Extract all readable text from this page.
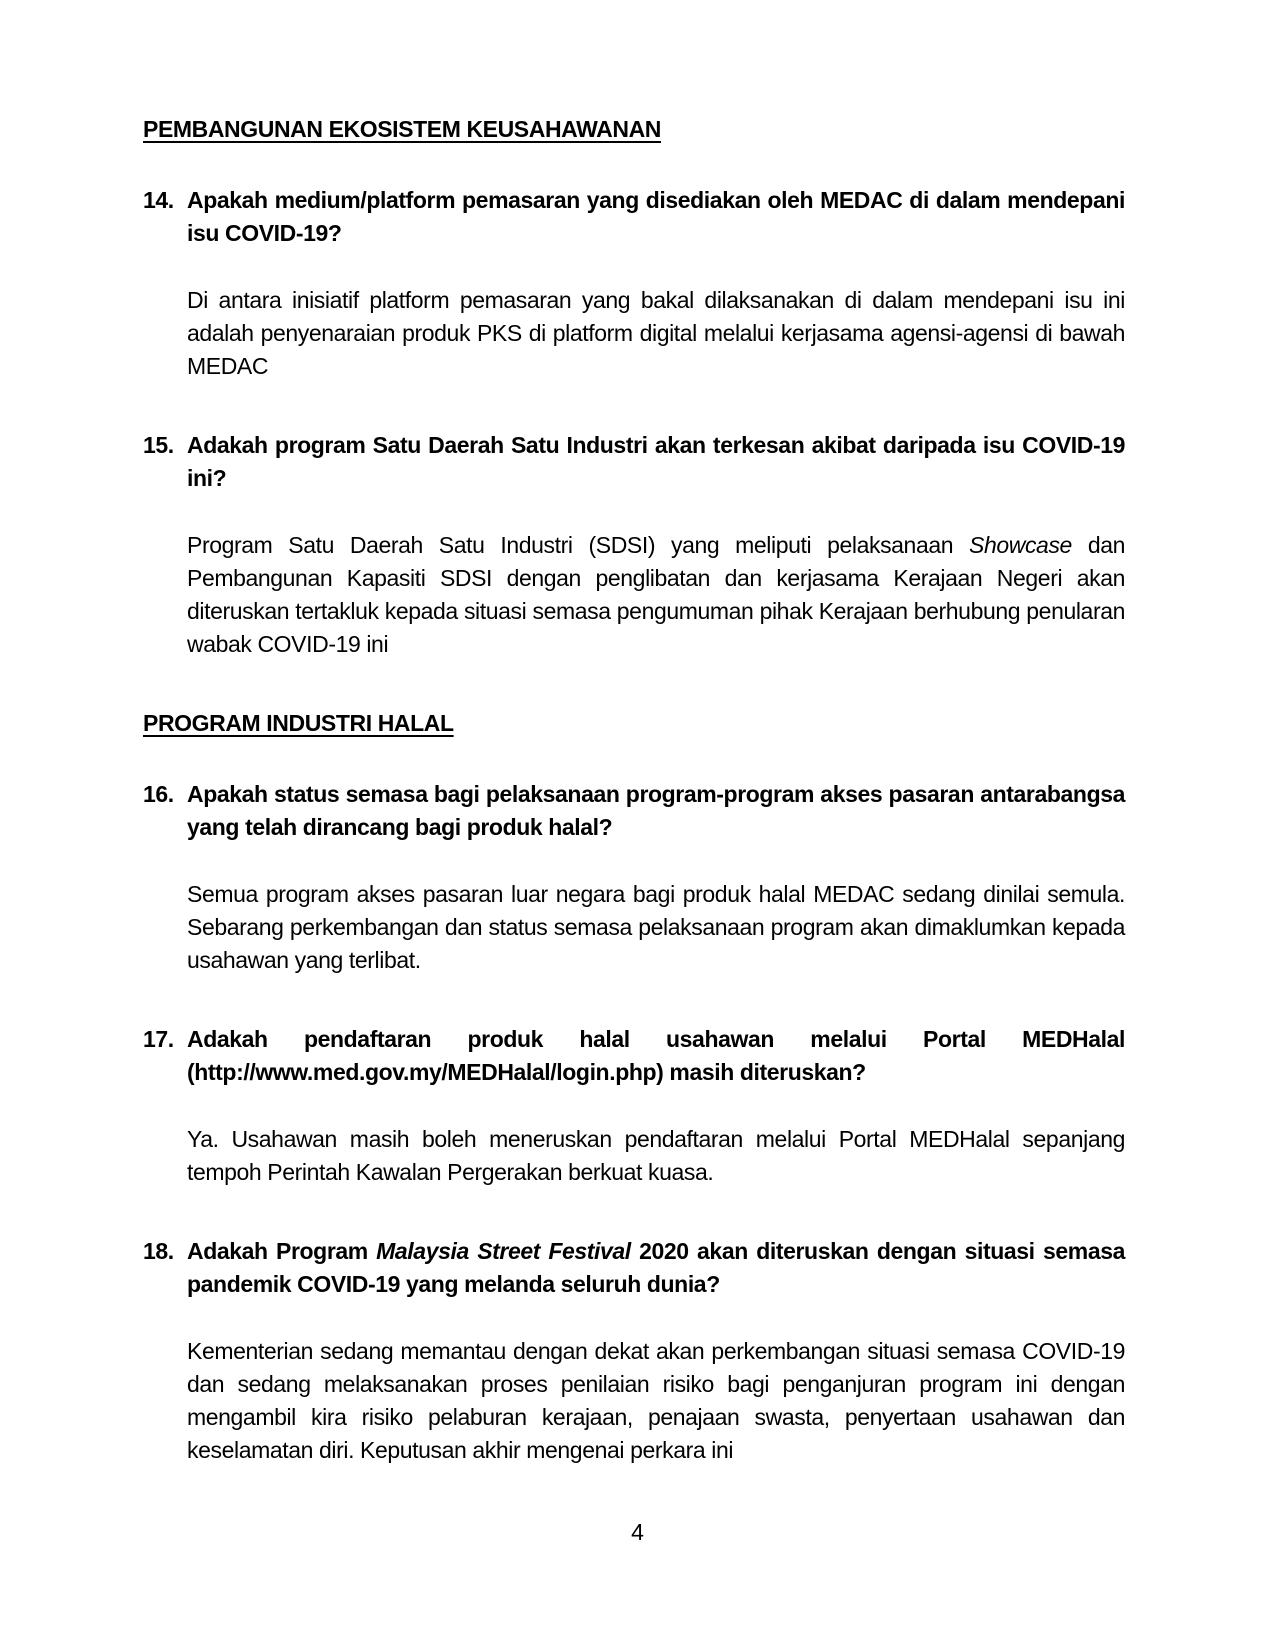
PEMBANGUNAN EKOSISTEM KEUSAHAWANAN
14. Apakah medium/platform pemasaran yang disediakan oleh MEDAC di dalam mendepani isu COVID-19?
Di antara inisiatif platform pemasaran yang bakal dilaksanakan di dalam mendepani isu ini adalah penyenaraian produk PKS di platform digital melalui kerjasama agensi-agensi di bawah MEDAC
15. Adakah program Satu Daerah Satu Industri akan terkesan akibat daripada isu COVID-19 ini?
Program Satu Daerah Satu Industri (SDSI) yang meliputi pelaksanaan Showcase dan Pembangunan Kapasiti SDSI dengan penglibatan dan kerjasama Kerajaan Negeri akan diteruskan tertakluk kepada situasi semasa pengumuman pihak Kerajaan berhubung penularan wabak COVID-19 ini
PROGRAM INDUSTRI HALAL
16. Apakah status semasa bagi pelaksanaan program-program akses pasaran antarabangsa yang telah dirancang bagi produk halal?
Semua program akses pasaran luar negara bagi produk halal MEDAC sedang dinilai semula. Sebarang perkembangan dan status semasa pelaksanaan program akan dimaklumkan kepada usahawan yang terlibat.
17. Adakah pendaftaran produk halal usahawan melalui Portal MEDHalal (http://www.med.gov.my/MEDHalal/login.php) masih diteruskan?
Ya. Usahawan masih boleh meneruskan pendaftaran melalui Portal MEDHalal sepanjang tempoh Perintah Kawalan Pergerakan berkuat kuasa.
18. Adakah Program Malaysia Street Festival 2020 akan diteruskan dengan situasi semasa pandemik COVID-19 yang melanda seluruh dunia?
Kementerian sedang memantau dengan dekat akan perkembangan situasi semasa COVID-19 dan sedang melaksanakan proses penilaian risiko bagi penganjuran program ini dengan mengambil kira risiko pelaburan kerajaan, penajaan swasta, penyertaan usahawan dan keselamatan diri. Keputusan akhir mengenai perkara ini
4
